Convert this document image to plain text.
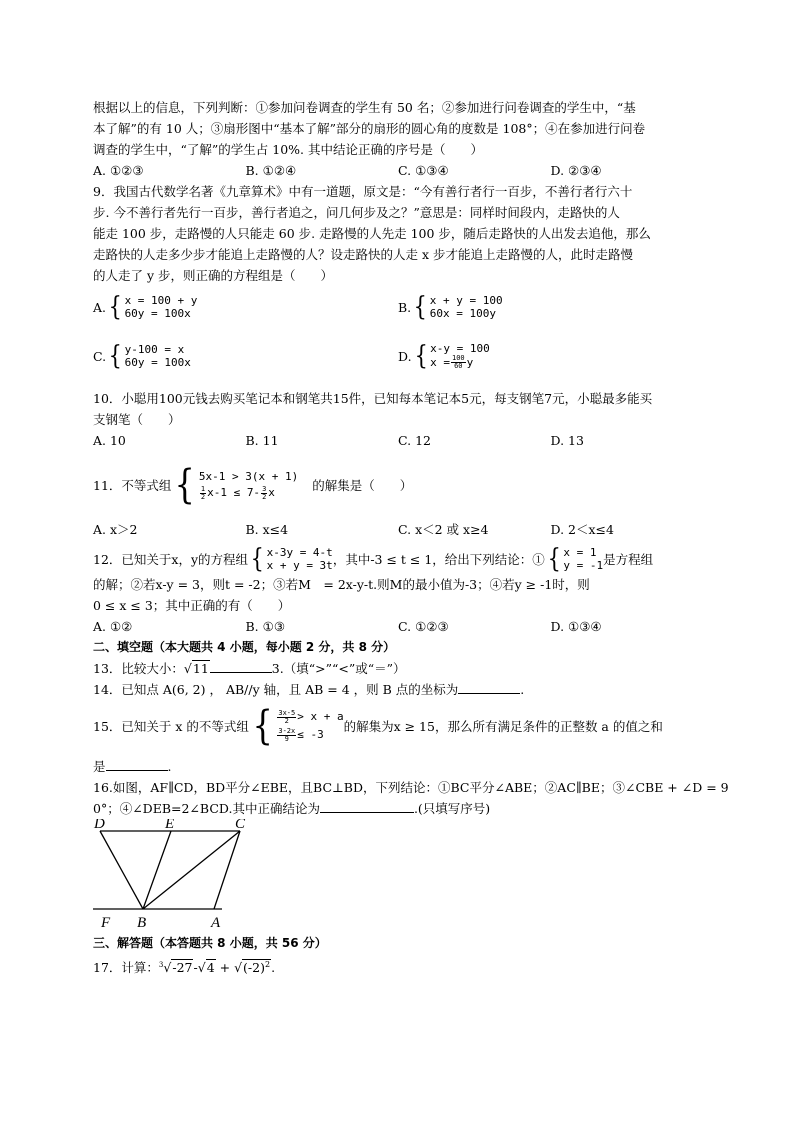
根据以上的信息，下列判断：①参加问卷调查的学生有 50 名；②参加进行问卷调查的学生中，“基
本了解”的有 10 人；③扇形图中“基本了解”部分的扇形的圆心角的度数是 108°；④在参加进行问卷
调查的学生中，“了解”的学生占 10%. 其中结论正确的序号是（　　）
A. ①②③	B. ①②④	C. ①③④	D. ②③④
9．我国古代数学名著《九章算术》中有一道题，原文是：“今有善行者行一百步，不善行者行六十
步. 今不善行者先行一百步，善行者追之，问几何步及之？”意思是：同样时间段内，走路快的人
能走 100 步，走路慢的人只能走 60 步. 走路慢的人先走 100 步，随后走路快的人出发去追他，那么
走路快的人走多少步才能追上走路慢的人？设走路快的人走 x 步才能追上走路慢的人，此时走路慢
的人走了 y 步，则正确的方程组是（　　）
A. { x = 100 + y
60y = 100x	B. { x + y = 100
60x = 100y
C. { y-100 = x
60y = 100x	D. { x-y = 100
$x = \frac{100}{60}$ y
10．小聪用100元钱去购买笔记本和钢笔共15件，已知每本笔记本5元，每支钢笔7元，小聪最多能买
支钢笔（　　）
A. 10	B. 11	C. 12	D. 13
11．不等式组 { 5x-1 > 3(x + 1)
$\frac{1}{2} x-1 \le 7- \frac{3}{2}$ x	的解集是（　　）
A. x＞2	B. x≤4	C. x＜2 或 x≥4	D. 2＜x≤4
12．已知关于x，y的方程组 { x-3y = 4-t
x + y = 3t ，其中-3 ≤ t ≤ 1，给出下列结论：① { x = 1
y = -1 是方程组
的解；②若x-y = 3，则t = -2；③若M　= 2x-y-t.则M的最小值为-3；④若y ≥ -1时，则
0 ≤ x ≤ 3；其中正确的有（　　）
A. ①②	B. ①③	C. ①②③	D. ①③④
二、填空题（本大题共 4 小题，每小题 2 分，共 8 分）
13．比较大小：√11	3.（填“>”“<”或“＝”）
14．已知点 A(6, 2) ， AB//y 轴，且 AB = 4 ，则 B 点的坐标为	.
15．已知关于 x 的不等式组 { $\frac{3x-5}{2} > x + a$
$\frac{3-2x}{9} \le -3$
的解集为x ≥ 15，那么所有满足条件的正整数 a 的值之和
是	.
16.如图，AF∥CD，BD平分∠EBE，且BC⊥BD，下列结论：①BC平分∠ABE；②AC∥BE；③∠CBE + ∠D = 9
0°；④∠DEB=2∠BCD.其中正确结论为	.(只填写序号)
D	E	C
F B	A
三、解答题（本答题共 8 小题，共 56 分）
17．计算：$^3√-27-√4 + √(-2)^2$.
